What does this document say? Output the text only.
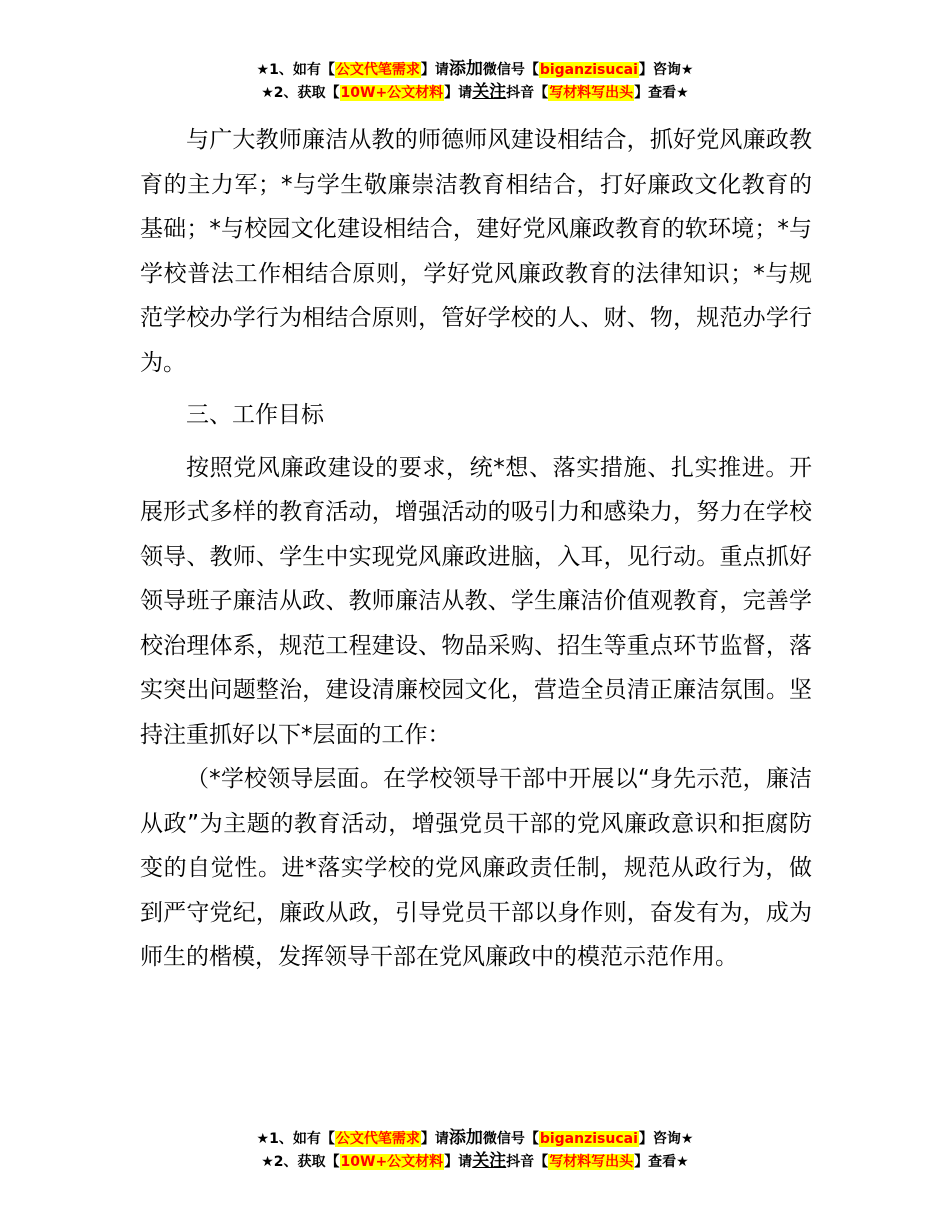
★1、如有【公文代笔需求】请添加微信号【biganzisucai】咨询★
★2、获取【10W+公文材料】请关注抖音【写材料写出头】查看★

与广大教师廉洁从教的师德师风建设相结合，抓好党风廉政教育的主力军；*与学生敬廉崇洁教育相结合，打好廉政文化教育的基础；*与校园文化建设相结合，建好党风廉政教育的软环境；*与学校普法工作相结合原则，学好党风廉政教育的法律知识；*与规范学校办学行为相结合原则，管好学校的人、财、物，规范办学行为。

三、工作目标

按照党风廉政建设的要求，统*想、落实措施、扎实推进。开展形式多样的教育活动，增强活动的吸引力和感染力，努力在学校领导、教师、学生中实现党风廉政进脑，入耳，见行动。重点抓好领导班子廉洁从政、教师廉洁从教、学生廉洁价值观教育，完善学校治理体系，规范工程建设、物品采购、招生等重点环节监督，落实突出问题整治，建设清廉校园文化，营造全员清正廉洁氛围。坚持注重抓好以下*层面的工作：

（*学校领导层面。在学校领导干部中开展以“身先示范，廉洁从政”为主题的教育活动，增强党员干部的党风廉政意识和拒腐防变的自觉性。进*落实学校的党风廉政责任制，规范从政行为，做到严守党纪，廉政从政，引导党员干部以身作则，奋发有为，成为师生的楷模，发挥领导干部在党风廉政中的模范示范作用。

★1、如有【公文代笔需求】请添加微信号【biganzisucai】咨询★
★2、获取【10W+公文材料】请关注抖音【写材料写出头】查看★
